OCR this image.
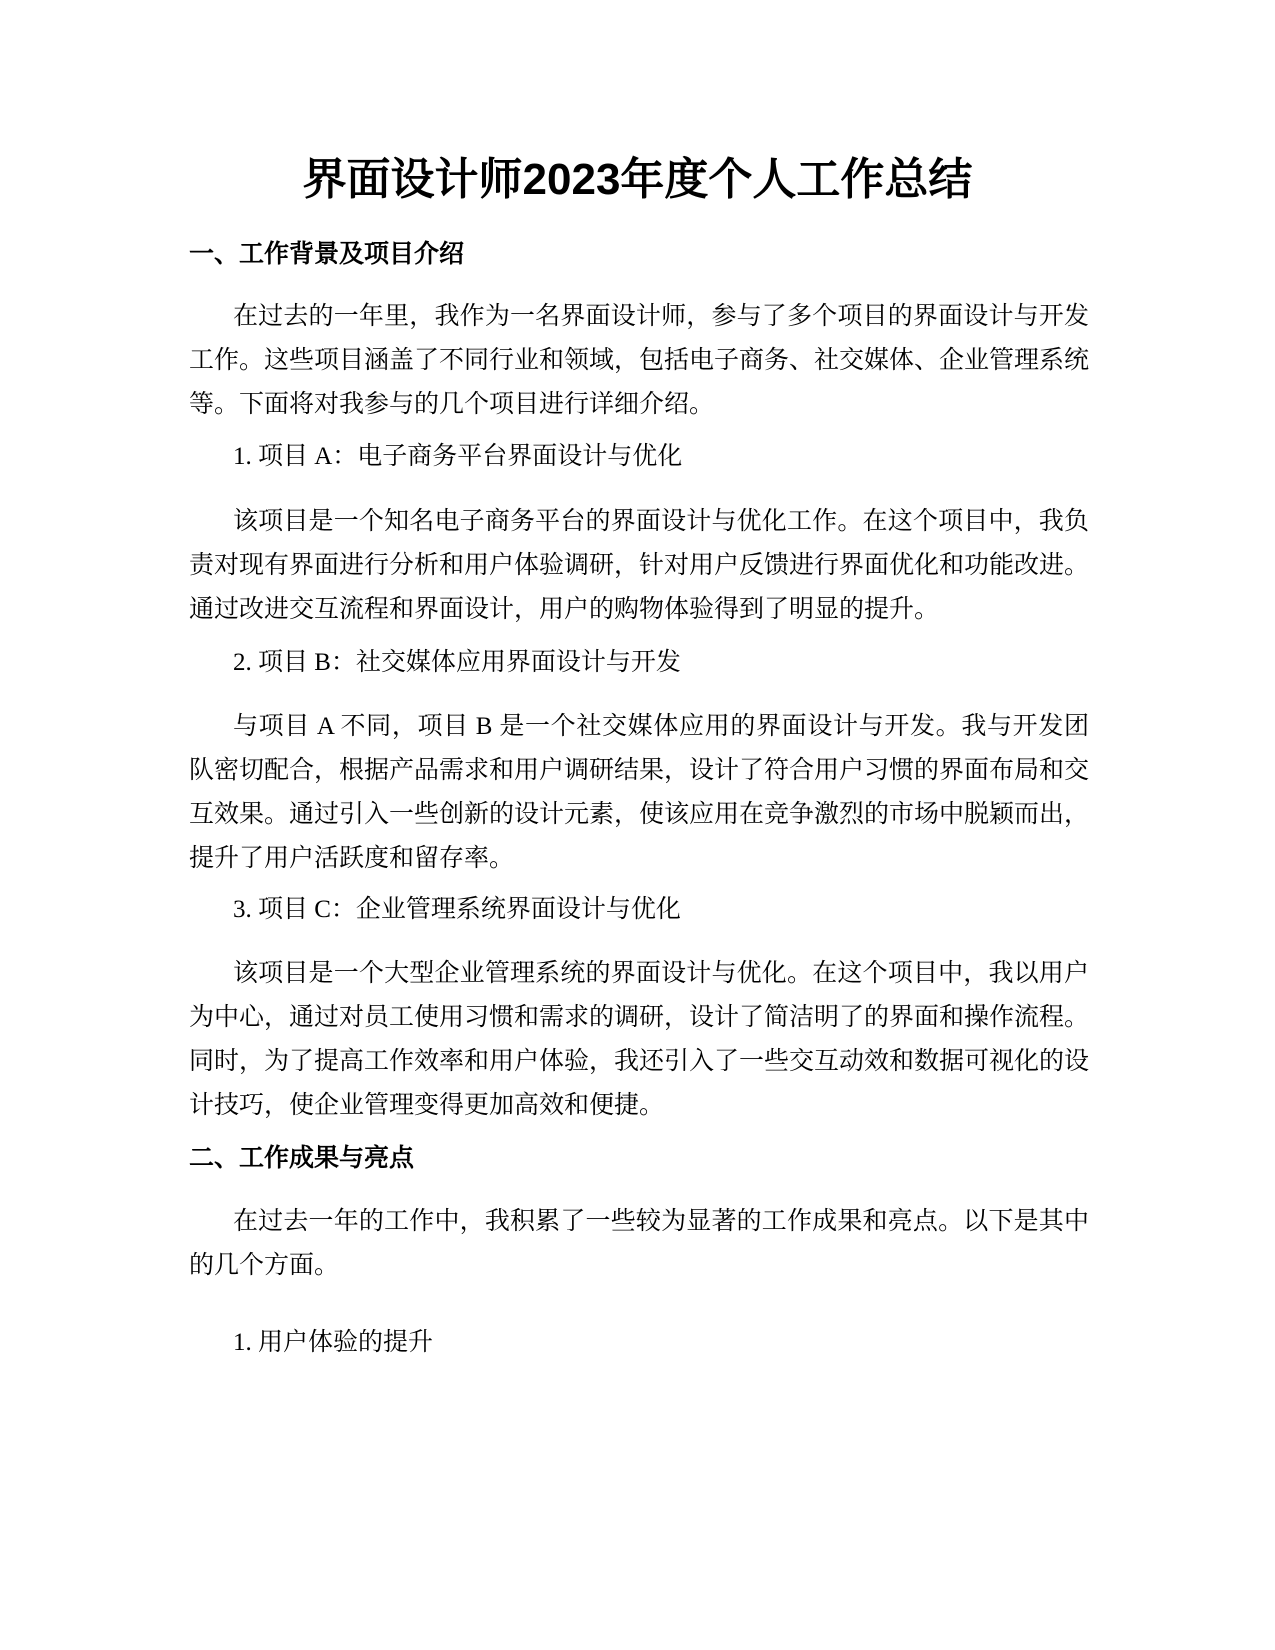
界面设计师2023年度个人工作总结
一、工作背景及项目介绍

在过去的一年里，我作为一名界面设计师，参与了多个项目的界面设计与开发工作。这些项目涵盖了不同行业和领域，包括电子商务、社交媒体、企业管理系统等。下面将对我参与的几个项目进行详细介绍。

1. 项目 A：电子商务平台界面设计与优化

该项目是一个知名电子商务平台的界面设计与优化工作。在这个项目中，我负责对现有界面进行分析和用户体验调研，针对用户反馈进行界面优化和功能改进。通过改进交互流程和界面设计，用户的购物体验得到了明显的提升。

2. 项目 B：社交媒体应用界面设计与开发

与项目 A 不同，项目 B 是一个社交媒体应用的界面设计与开发。我与开发团队密切配合，根据产品需求和用户调研结果，设计了符合用户习惯的界面布局和交互效果。通过引入一些创新的设计元素，使该应用在竞争激烈的市场中脱颖而出，提升了用户活跃度和留存率。

3. 项目 C：企业管理系统界面设计与优化

该项目是一个大型企业管理系统的界面设计与优化。在这个项目中，我以用户为中心，通过对员工使用习惯和需求的调研，设计了简洁明了的界面和操作流程。同时，为了提高工作效率和用户体验，我还引入了一些交互动效和数据可视化的设计技巧，使企业管理变得更加高效和便捷。

二、工作成果与亮点

在过去一年的工作中，我积累了一些较为显著的工作成果和亮点。以下是其中的几个方面。

1. 用户体验的提升
